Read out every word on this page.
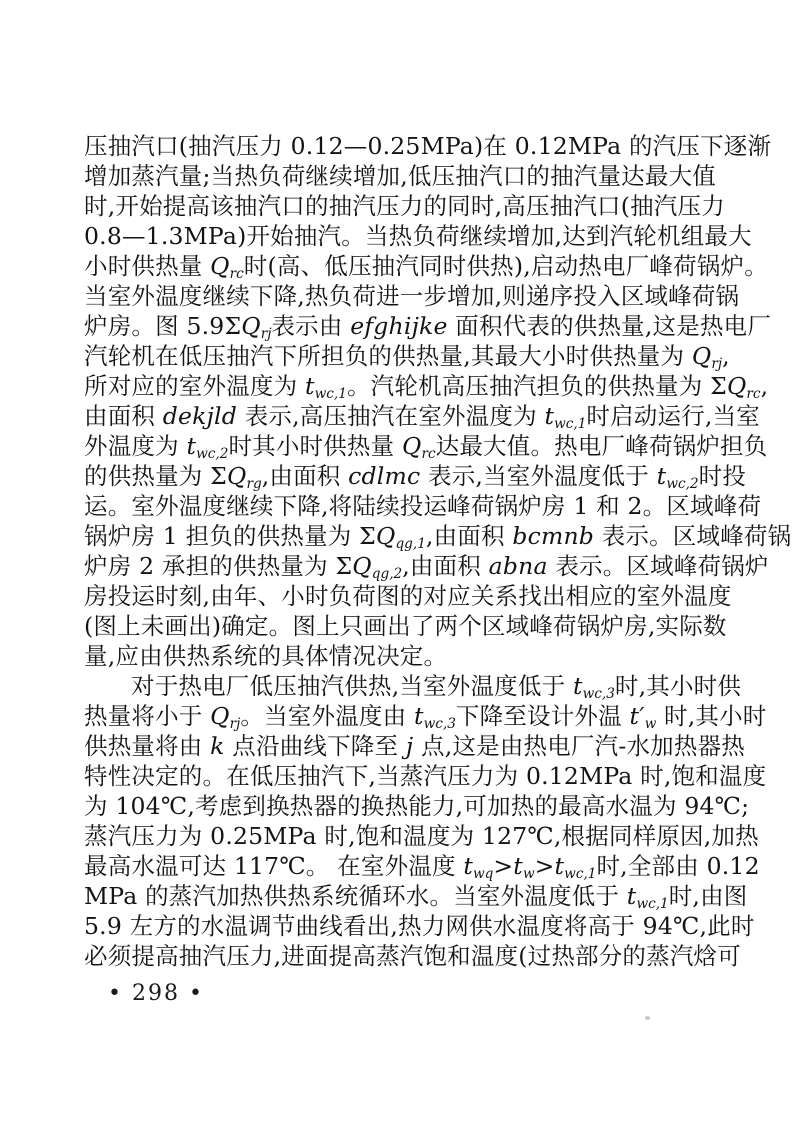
压抽汽口(抽汽压力 0.12—0.25MPa)在 0.12MPa 的汽压下逐渐
增加蒸汽量;当热负荷继续增加,低压抽汽口的抽汽量达最大值
时,开始提高该抽汽口的抽汽压力的同时,高压抽汽口(抽汽压力
0.8—1.3MPa)开始抽汽。当热负荷继续增加,达到汽轮机组最大
小时供热量 Qrc时(高、低压抽汽同时供热),启动热电厂峰荷锅炉。
当室外温度继续下降,热负荷进一步增加,则递序投入区域峰荷锅
炉房。图 5.9ΣQrj表示由 efghijke 面积代表的供热量,这是热电厂
汽轮机在低压抽汽下所担负的供热量,其最大小时供热量为 Qrj,
所对应的室外温度为 twc,1。汽轮机高压抽汽担负的供热量为 ΣQrc,
由面积 dekjld 表示,高压抽汽在室外温度为 twc,1时启动运行,当室
外温度为 twc,2时其小时供热量 Qrc达最大值。热电厂峰荷锅炉担负
的供热量为 ΣQrg,由面积 cdlmc 表示,当室外温度低于 twc,2时投
运。室外温度继续下降,将陆续投运峰荷锅炉房 1 和 2。区域峰荷
锅炉房 1 担负的供热量为 ΣQqg,1,由面积 bcmnb 表示。区域峰荷锅
炉房 2 承担的供热量为 ΣQqg,2,由面积 abna 表示。区域峰荷锅炉
房投运时刻,由年、小时负荷图的对应关系找出相应的室外温度
(图上未画出)确定。图上只画出了两个区域峰荷锅炉房,实际数
量,应由供热系统的具体情况决定。
对于热电厂低压抽汽供热,当室外温度低于 twc,3时,其小时供
热量将小于 Qrj。当室外温度由 twc,3下降至设计外温 t′w 时,其小时
供热量将由 k 点沿曲线下降至 j 点,这是由热电厂汽-水加热器热
特性决定的。在低压抽汽下,当蒸汽压力为 0.12MPa 时,饱和温度
为 104℃,考虑到换热器的换热能力,可加热的最高水温为 94℃;
蒸汽压力为 0.25MPa 时,饱和温度为 127℃,根据同样原因,加热
最高水温可达 117℃。 在室外温度 twq>tw>twc,1时,全部由 0.12
MPa 的蒸汽加热供热系统循环水。当室外温度低于 twc,1时,由图
5.9 左方的水温调节曲线看出,热力网供水温度将高于 94℃,此时
必须提高抽汽压力,进面提高蒸汽饱和温度(过热部分的蒸汽焓可
• 298 •
